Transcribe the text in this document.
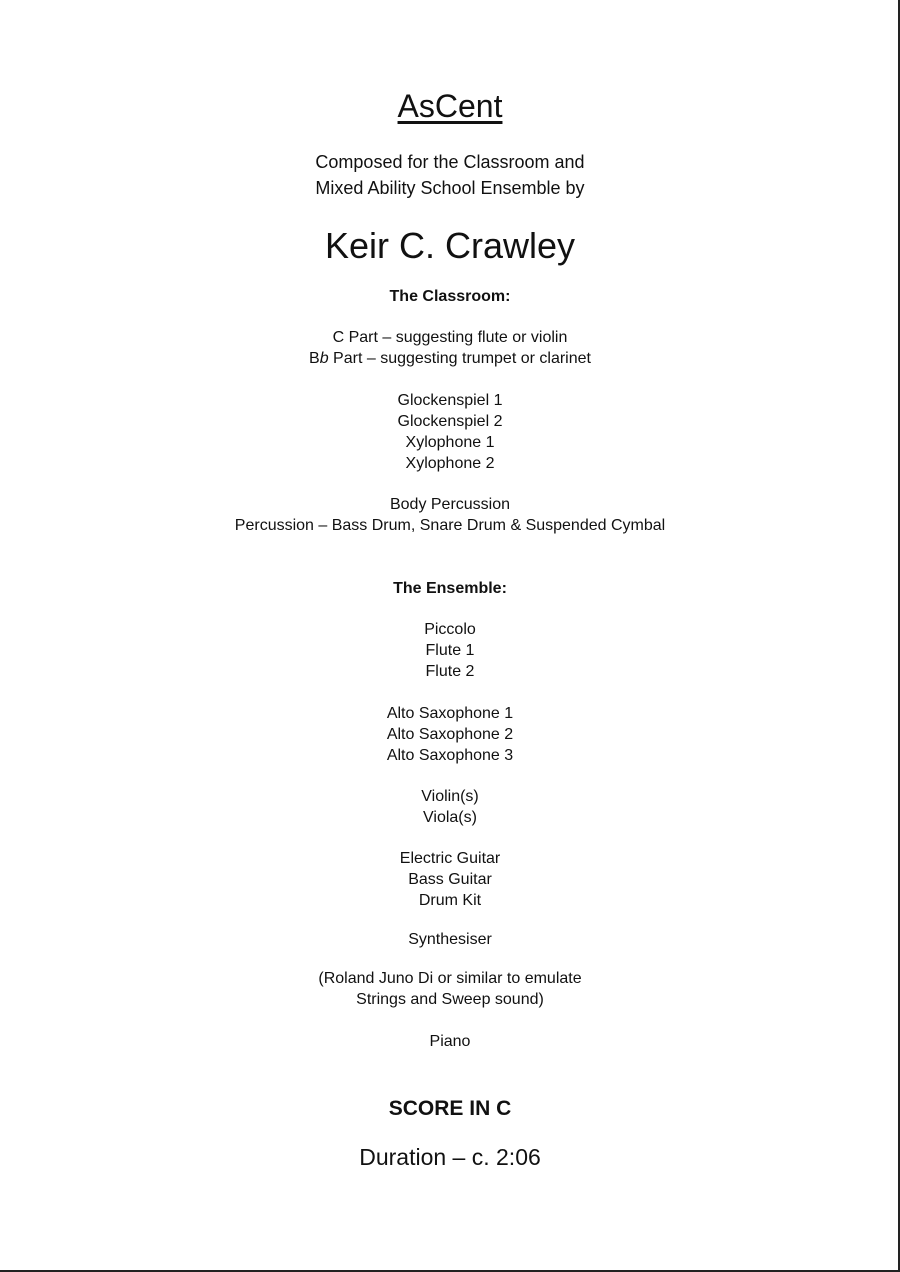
AsCent
Composed for the Classroom and
Mixed Ability School Ensemble by
Keir C. Crawley
The Classroom:
C Part – suggesting flute or violin
Bb Part – suggesting trumpet or clarinet
Glockenspiel 1
Glockenspiel 2
Xylophone 1
Xylophone 2
Body Percussion
Percussion – Bass Drum, Snare Drum & Suspended Cymbal
The Ensemble:
Piccolo
Flute 1
Flute 2
Alto Saxophone 1
Alto Saxophone 2
Alto Saxophone 3
Violin(s)
Viola(s)
Electric Guitar
Bass Guitar
Drum Kit
Synthesiser
(Roland Juno Di or similar to emulate
Strings and Sweep sound)
Piano
SCORE IN C
Duration – c. 2:06
